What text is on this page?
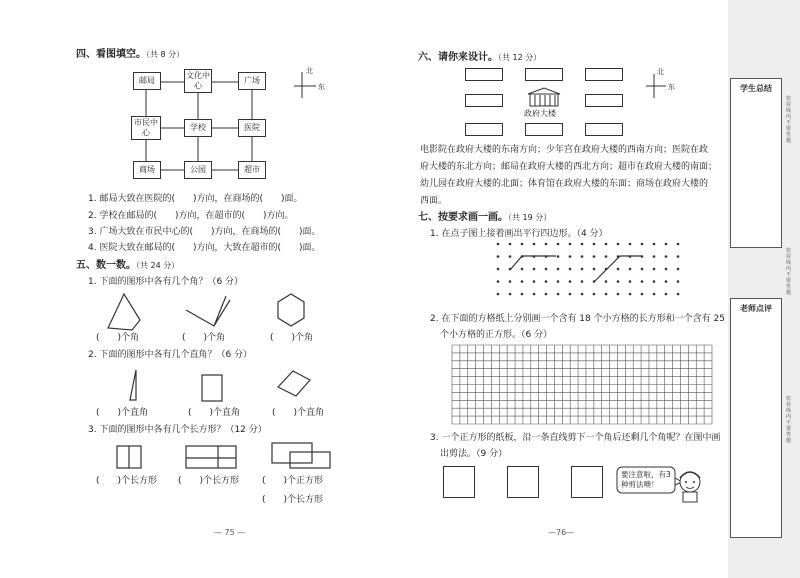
四、看图填空。（共 8 分）
邮局
文化中心
广场
市民中心
学校	医院
商场	公园	超市
北
东
1. 邮局大致在医院的(　　)方向，在商场的(　　)面。
2. 学校在邮局的(　　)方向，在超市的(　　)方向。
3. 广场大致在市民中心的(　　)方向，在商场的(　　)面。
4. 医院大致在邮局的(　　)方向，大致在超市的(　　)面。
五、数一数。（共 24 分）
1. 下面的图形中各有几个角？（6 分）
(　　)个角	(　　)个角	(　　)个角
2. 下面的图形中各有几个直角？（6 分）
(　　)个直角	(　　)个直角	(　　)个直角
3. 下面的图形中各有几个长方形？（12 分）
(　　)个长方形 (　　)个长方形	(　　)个正方形
(　　)个长方形
— 75 —
六、请你来设计。（共 12 分）
政府大楼
北
东
电影院在政府大楼的东南方向；少年宫在政府大楼的西南方向；医院在政
府大楼的东北方向；邮局在政府大楼的西北方向；超市在政府大楼的南面；
幼儿园在政府大楼的北面；体育馆在政府大楼的东面；商场在政府大楼的
西面。
七、按要求画一画。（共 19 分）
1. 在点子图上接着画出平行四边形。（4 分）
2. 在下面的方格纸上分别画一个含有 18 个小方格的长方形和一个含有 25
个小方格的正方形。（6 分）
3. 一个正方形的纸板，沿一条直线剪下一个角后还剩几个角呢？在图中画
出剪法。（9 分）
要注意啦，有3
种剪法噢！
—76—
学生总结
老师点评
密封线内不要答题
密封线内不要答题
密封线内不要答题
